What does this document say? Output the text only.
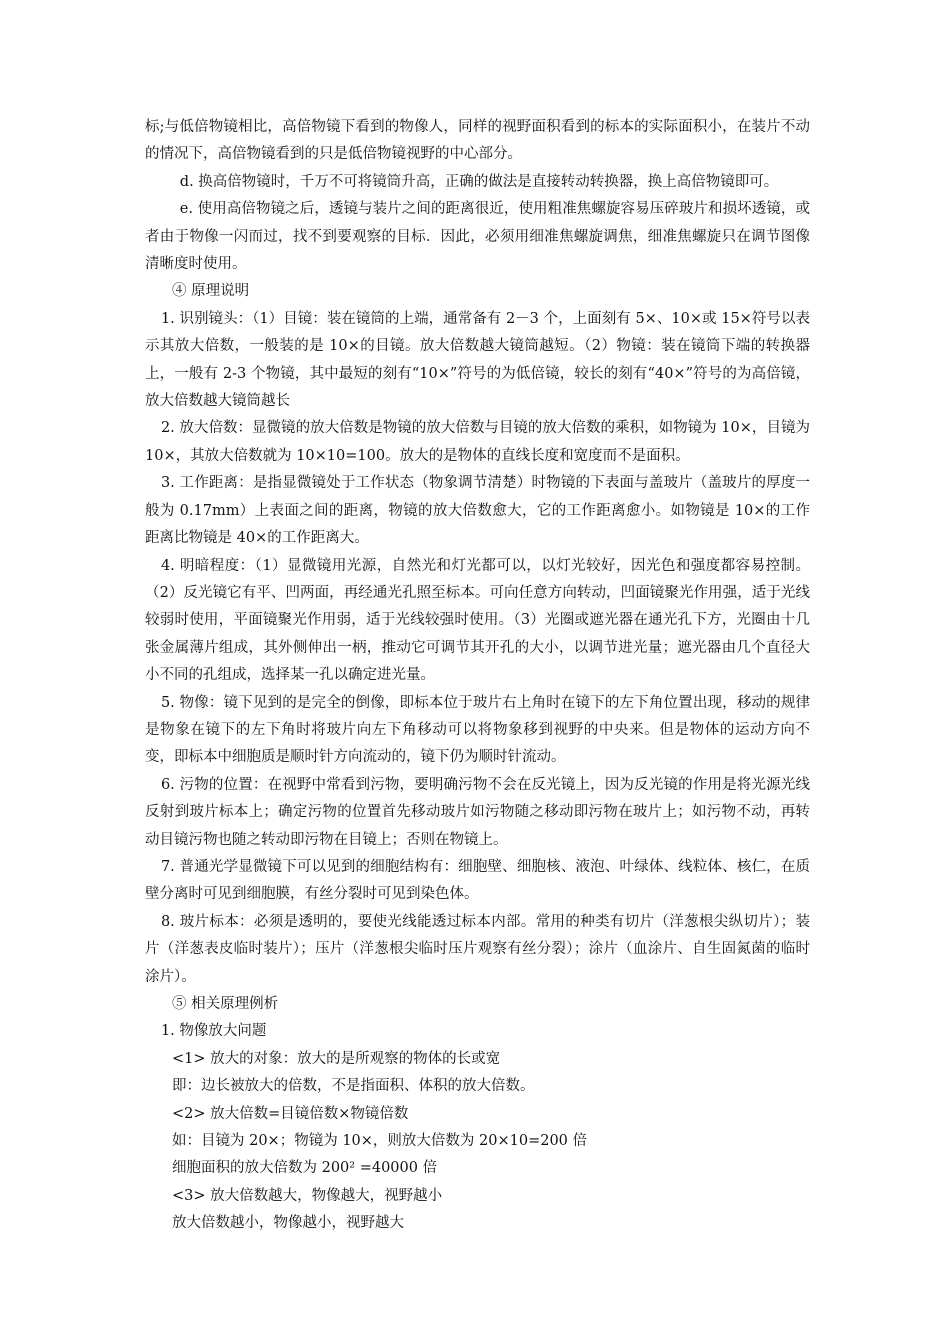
标;与低倍物镜相比，高倍物镜下看到的物像人，同样的视野面积看到的标本的实际面积小，在装片不动的情况下，高倍物镜看到的只是低倍物镜视野的中心部分。

d. 换高倍物镜时，千万不可将镜筒升高，正确的做法是直接转动转换器，换上高倍物镜即可。

e. 使用高倍物镜之后，透镜与装片之间的距离很近，使用粗准焦螺旋容易压碎玻片和损坏透镜，或者由于物像一闪而过，找不到要观察的目标．因此，必须用细准焦螺旋调焦，细准焦螺旋只在调节图像清晰度时使用。

④ 原理说明

1. 识别镜头：（1）目镜：装在镜筒的上端，通常备有 2－3 个，上面刻有 5×、10×或 15×符号以表示其放大倍数，一般装的是 10×的目镜。放大倍数越大镜筒越短。（2）物镜：装在镜筒下端的转换器上，一般有 2-3 个物镜，其中最短的刻有“10×”符号的为低倍镜，较长的刻有“40×”符号的为高倍镜，放大倍数越大镜筒越长

2. 放大倍数：显微镜的放大倍数是物镜的放大倍数与目镜的放大倍数的乘积，如物镜为 10×，目镜为 10×，其放大倍数就为 10×10=100。放大的是物体的直线长度和宽度而不是面积。

3. 工作距离：是指显微镜处于工作状态（物象调节清楚）时物镜的下表面与盖玻片（盖玻片的厚度一般为 0.17mm）上表面之间的距离，物镜的放大倍数愈大，它的工作距离愈小。如物镜是 10×的工作距离比物镜是 40×的工作距离大。

4. 明暗程度：（1）显微镜用光源，自然光和灯光都可以，以灯光较好，因光色和强度都容易控制。（2）反光镜它有平、凹两面，再经通光孔照至标本。可向任意方向转动，凹面镜聚光作用强，适于光线较弱时使用，平面镜聚光作用弱，适于光线较强时使用。（3）光圈或遮光器在通光孔下方，光圈由十几张金属薄片组成，其外侧伸出一柄，推动它可调节其开孔的大小，以调节进光量；遮光器由几个直径大小不同的孔组成，选择某一孔以确定进光量。

5. 物像：镜下见到的是完全的倒像，即标本位于玻片右上角时在镜下的左下角位置出现，移动的规律是物象在镜下的左下角时将玻片向左下角移动可以将物象移到视野的中央来。但是物体的运动方向不变，即标本中细胞质是顺时针方向流动的，镜下仍为顺时针流动。

6. 污物的位置：在视野中常看到污物，要明确污物不会在反光镜上，因为反光镜的作用是将光源光线反射到玻片标本上；确定污物的位置首先移动玻片如污物随之移动即污物在玻片上；如污物不动，再转动目镜污物也随之转动即污物在目镜上；否则在物镜上。

7. 普通光学显微镜下可以见到的细胞结构有：细胞壁、细胞核、液泡、叶绿体、线粒体、核仁，在质壁分离时可见到细胞膜，有丝分裂时可见到染色体。

8. 玻片标本：必须是透明的，要使光线能透过标本内部。常用的种类有切片（洋葱根尖纵切片）；装片（洋葱表皮临时装片）；压片（洋葱根尖临时压片观察有丝分裂）；涂片（血涂片、自生固氮菌的临时涂片）。

⑤ 相关原理例析

1. 物像放大问题

<1> 放大的对象：放大的是所观察的物体的长或宽

即：边长被放大的倍数，不是指面积、体积的放大倍数。

<2> 放大倍数=目镜倍数×物镜倍数

如：目镜为 20×；物镜为 10×，则放大倍数为 20×10=200 倍

细胞面积的放大倍数为 200² =40000 倍

<3> 放大倍数越大，物像越大，视野越小

放大倍数越小，物像越小，视野越大
